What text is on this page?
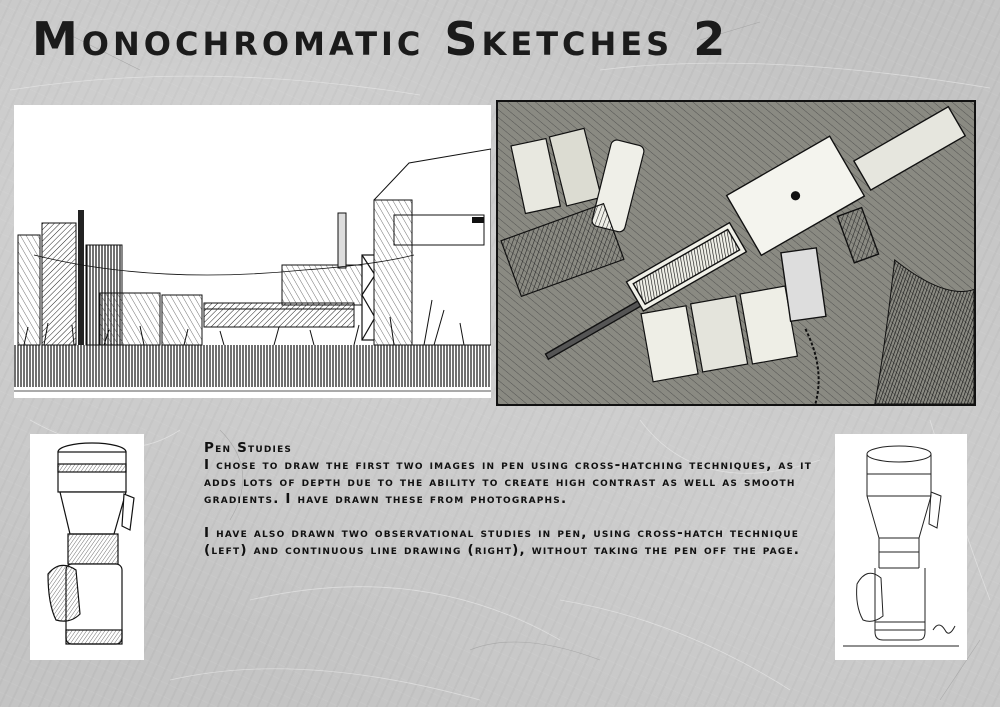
Monochromatic Sketches 2
Pen Studies

I chose to draw the first two images in pen using cross-hatching techniques, as it adds lots of depth due to the ability to create high contrast as well as smooth gradients. I have drawn these from photographs.

I have also drawn two observational studies in pen, using cross-hatch technique (left) and continuous line drawing (right), without taking the pen off the page.
